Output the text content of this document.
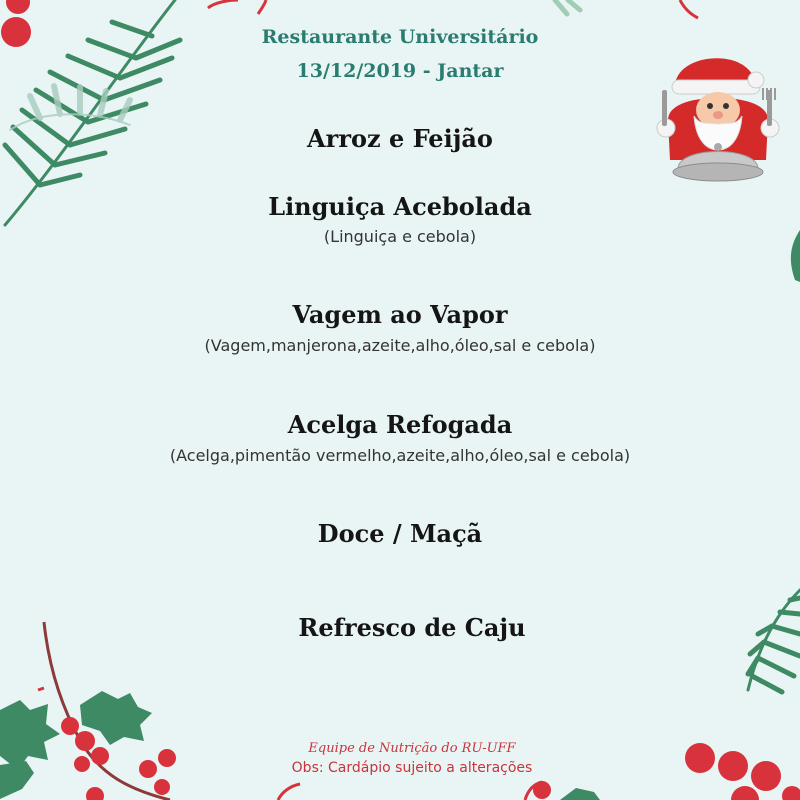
Restaurante Universitário
13/12/2019 - Jantar
Arroz e Feijão
Linguiça Acebolada
(Linguiça e cebola)
Vagem ao Vapor
(Vagem,manjerona,azeite,alho,óleo,sal e cebola)
Acelga Refogada
(Acelga,pimentão vermelho,azeite,alho,óleo,sal e cebola)
Doce / Maçã
Refresco de Caju
Equipe de Nutrição do RU-UFF
Obs: Cardápio sujeito a alterações
